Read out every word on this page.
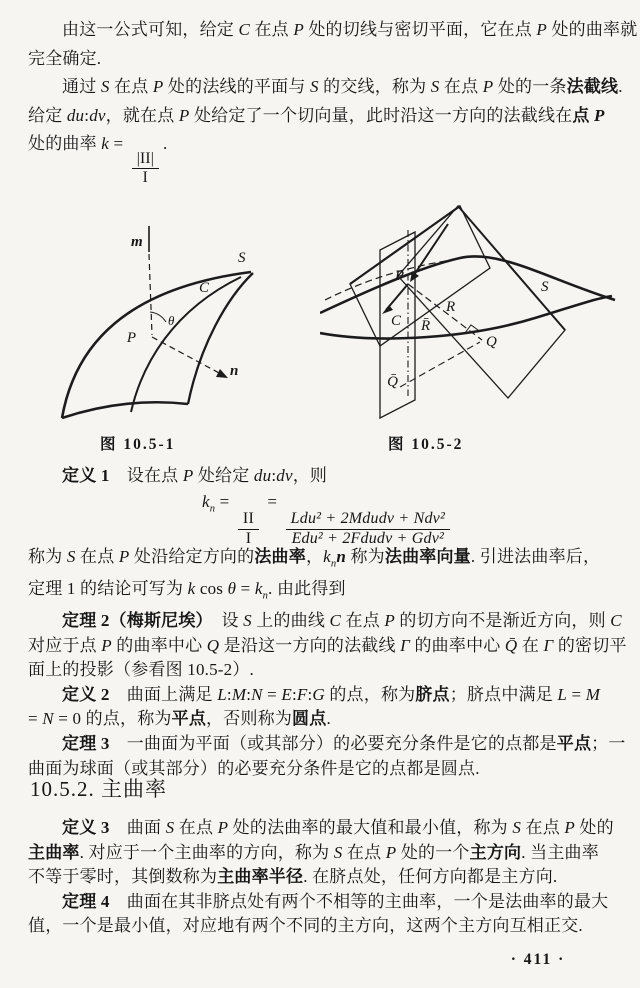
由这一公式可知，给定 C 在点 P 处的切线与密切平面，它在点 P 处的曲率就
完全确定.
通过 S 在点 P 处的法线的平面与 S 的交线，称为 S 在点 P 处的一条法截线.
给定 du:dv，就在点 P 处给定了一个切向量，此时沿这一方向的法截线在点 P
处的曲率 k =
$\frac{|II|}{I}$
.
m
S
C
θ
P
n
P
R
R̄
C
Q
Q̄
S
图 10.5-1	图 10.5-2
定义 1　设在点 P 处给定 du:dv，则
$k_n$ =
$\frac{II}{I}$
=
$\frac{\text{Ldu² + 2Mdudv + Ndv²}}{\text{Edu² + 2Fdudv + Gdv²}}$
称为 S 在点 P 处沿给定方向的法曲率，$k_nn$ 称为法曲率向量. 引进法曲率后，
定理 1 的结论可写为 k $\cos \theta = k_n$. 由此得到
定理 2（梅斯尼埃）　设 S 上的曲线 C 在点 P 的切方向不是渐近方向，则 C
对应于点 P 的曲率中心 Q 是沿这一方向的法截线 Γ 的曲率中心 Q̄ 在 Γ 的密切平
面上的投影（参看图 10.5-2）.
定义 2　曲面上满足 L:M:N = E:F:G 的点，称为脐点；脐点中满足 L = M
= N = 0 的点，称为平点，否则称为圆点.
定理 3　一曲面为平面（或其部分）的必要充分条件是它的点都是平点；一
曲面为球面（或其部分）的必要充分条件是它的点都是圆点.
10.5.2. 主曲率
定义 3　曲面 S 在点 P 处的法曲率的最大值和最小值，称为 S 在点 P 处的
主曲率. 对应于一个主曲率的方向，称为 S 在点 P 处的一个主方向. 当主曲率
不等于零时，其倒数称为主曲率半径. 在脐点处，任何方向都是主方向.
定理 4　曲面在其非脐点处有两个不相等的主曲率，一个是法曲率的最大
值，一个是最小值，对应地有两个不同的主方向，这两个主方向互相正交.
· 411 ·
